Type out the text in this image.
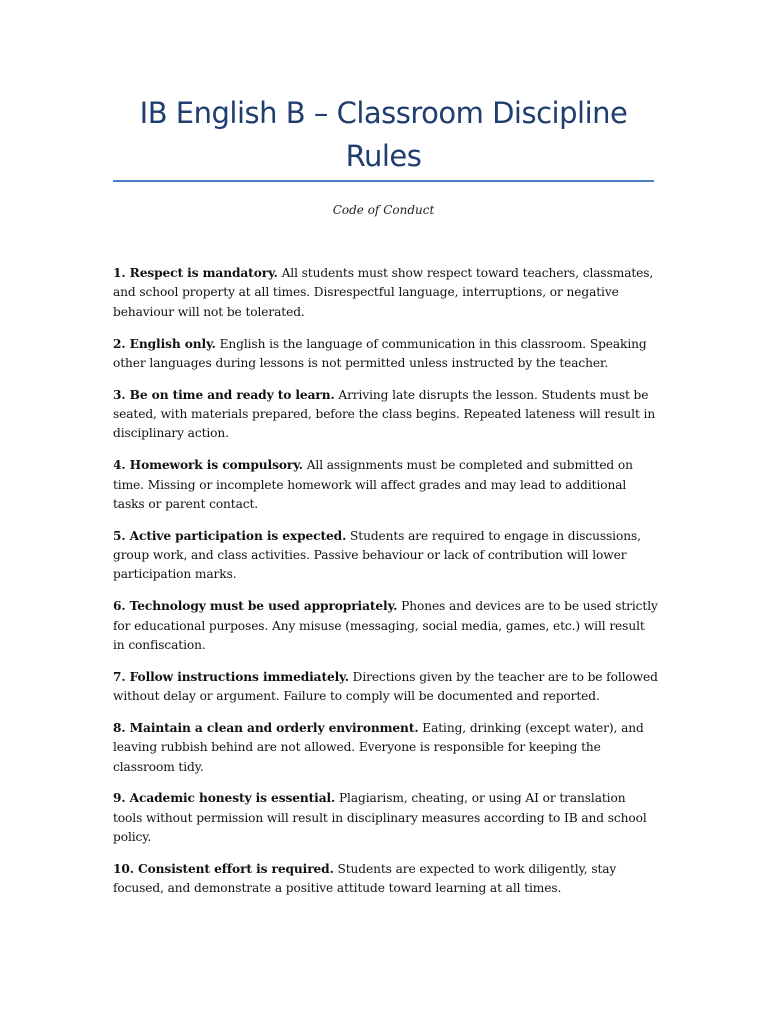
IB English B – Classroom Discipline Rules

Code of Conduct

1. Respect is mandatory. All students must show respect toward teachers, classmates, and school property at all times. Disrespectful language, interruptions, or negative behaviour will not be tolerated.
2. English only. English is the language of communication in this classroom. Speaking other languages during lessons is not permitted unless instructed by the teacher.
3. Be on time and ready to learn. Arriving late disrupts the lesson. Students must be seated, with materials prepared, before the class begins. Repeated lateness will result in disciplinary action.
4. Homework is compulsory. All assignments must be completed and submitted on time. Missing or incomplete homework will affect grades and may lead to additional tasks or parent contact.
5. Active participation is expected. Students are required to engage in discussions, group work, and class activities. Passive behaviour or lack of contribution will lower participation marks.
6. Technology must be used appropriately. Phones and devices are to be used strictly for educational purposes. Any misuse (messaging, social media, games, etc.) will result in confiscation.
7. Follow instructions immediately. Directions given by the teacher are to be followed without delay or argument. Failure to comply will be documented and reported.
8. Maintain a clean and orderly environment. Eating, drinking (except water), and leaving rubbish behind are not allowed. Everyone is responsible for keeping the classroom tidy.
9. Academic honesty is essential. Plagiarism, cheating, or using AI or translation tools without permission will result in disciplinary measures according to IB and school policy.
10. Consistent effort is required. Students are expected to work diligently, stay focused, and demonstrate a positive attitude toward learning at all times.
